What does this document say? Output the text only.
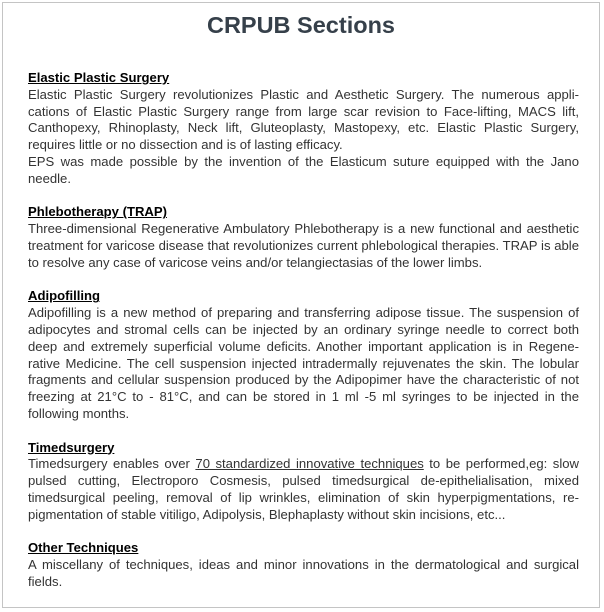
CRPUB Sections
Elastic Plastic Surgery
Elastic Plastic Surgery revolutionizes Plastic and Aesthetic Surgery. The numerous applications of Elastic Plastic Surgery range from large scar revision to Face-lifting, MACS lift, Canthopexy, Rhinoplasty, Neck lift, Gluteoplasty, Mastopexy, etc. Elastic Plastic Surgery, requires little or no dissection and is of lasting efficacy.
EPS was made possible by the invention of the Elasticum suture equipped with the Jano needle.
Phlebotherapy (TRAP)
Three-dimensional Regenerative Ambulatory Phlebotherapy is a new functional and aesthetic treatment for varicose disease that revolutionizes current phlebological therapies. TRAP is able to resolve any case of varicose veins and/or telangiectasias of the lower limbs.
Adipofilling
Adipofilling is a new method of preparing and transferring adipose tissue. The suspension of adipocytes and stromal cells can be injected by an ordinary syringe needle to correct both deep and extremely superficial volume deficits. Another important application is in Regenerative Medicine. The cell suspension injected intradermally rejuvenates the skin. The lobular fragments and cellular suspension produced by the Adipopimer have the characteristic of not freezing at 21°C to - 81°C, and can be stored in 1 ml -5 ml syringes to be injected in the following months.
Timedsurgery
Timedsurgery enables over 70 standardized innovative techniques to be performed,eg: slow pulsed cutting, Electroporo Cosmesis, pulsed timedsurgical de-epithelialisation, mixed timedsurgical peeling, removal of lip wrinkles, elimination of skin hyperpigmentations, repigmentation of stable vitiligo, Adipolysis, Blephaplasty without skin incisions, etc...
Other Techniques
A miscellany of techniques, ideas and minor innovations in the dermatological and surgical fields.
